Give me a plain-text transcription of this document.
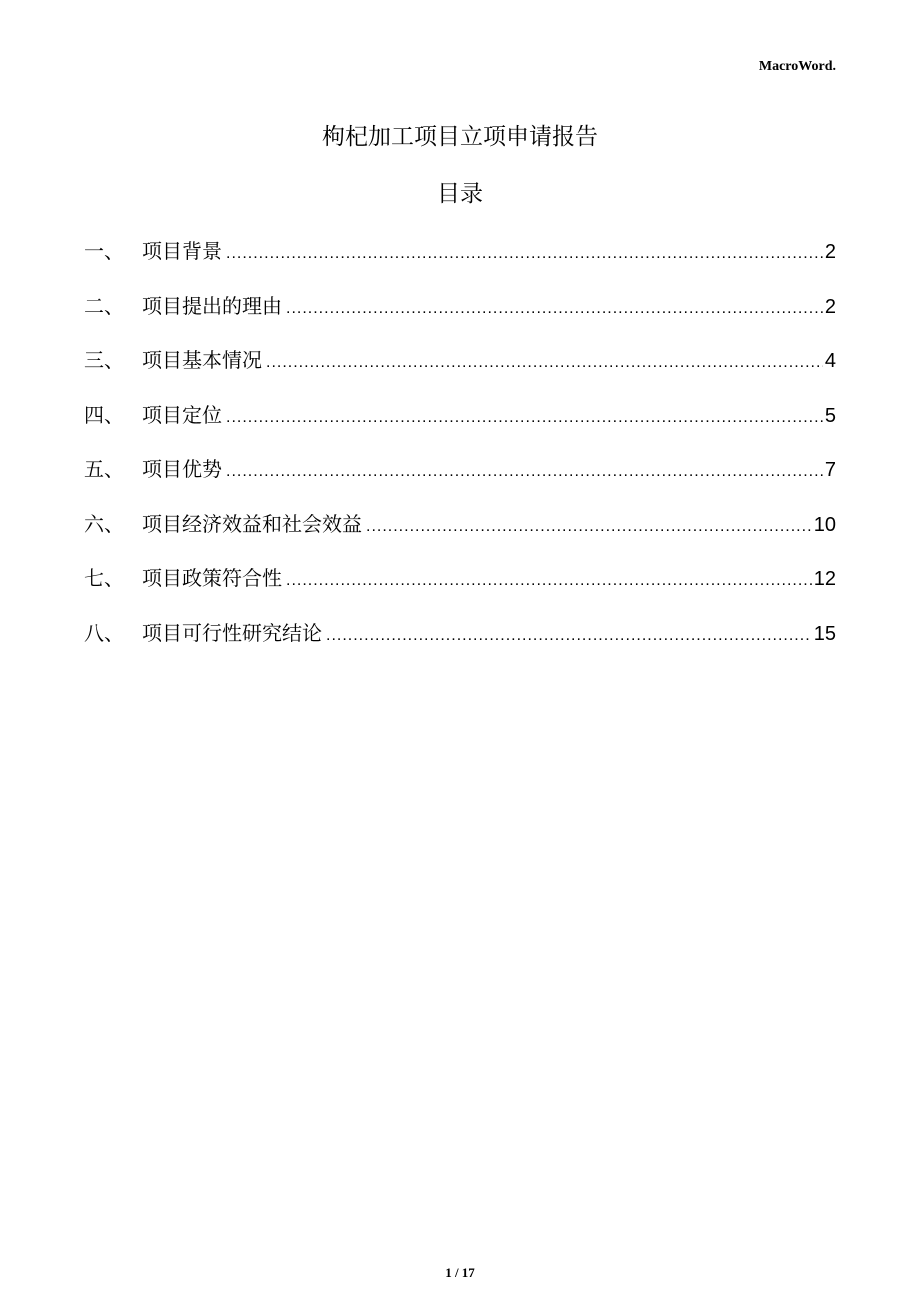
MacroWord.
枸杞加工项目立项申请报告
目录
一、 项目背景 .....	2
二、 项目提出的理由 .....	2
三、 项目基本情况 .....	4
四、 项目定位 .....	5
五、 项目优势 .....	7
六、 项目经济效益和社会效益 .....	10
七、 项目政策符合性 .....	12
八、 项目可行性研究结论 .....	15
1 / 17
